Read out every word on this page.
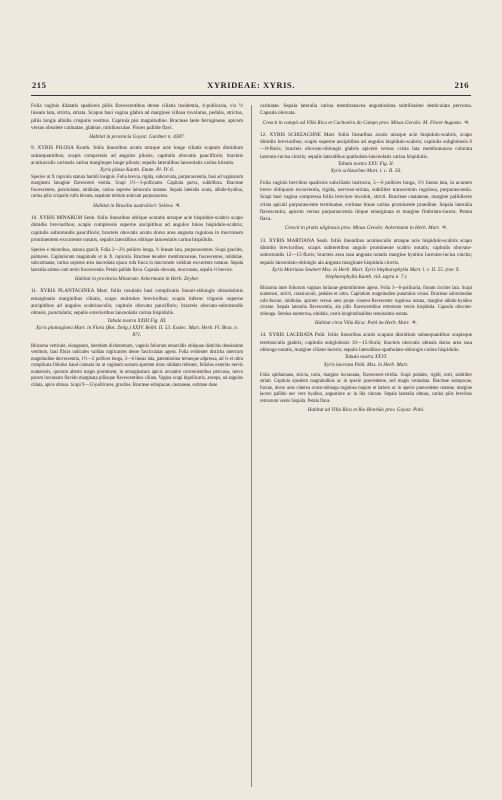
215	XYRIDEAE: XYRIS.	216

Folia vaginis dilatatis spadiceis piliis flavescentibus dense ciliatis insidentia, 4-pollicaria, vix ½ lineam lata, stricta, striata. Scapus basi vagina glabra ad margines villosa involutus, pedalis, strictus, piliis longis albidis crispulis vestitus. Capitula pisi magnitudine. Bracteae laete ferrugineae, apicem versus obsolete carinatae, glabrae, nitidiusculae. Flores pallide flavi.

Habitat in provincia Goyaz: Gardner n. 4387.

9. XYRIS PILOSA Kunth. foliis linearibus acutis utraque acie longe ciliatis scapum dimidium subaequantibus; scapis compressis ad angulos pilosis; capitulis obovatis paucifloris; bracteis acutiusculis carinatis carina marginque longe pilosis; sepalis lateralibus lanceolatis carina hirsutis.

Xyris pilosa Kunth. Enum. Pl. IV. 6.

Species ut X rupicola statura humili insignis. Folia brevia, rigida, subcurvata, purpurascentia, basi ad vaginarum marginem lanugine flavescenti vestita. Scapi 1½—3-pollicares. Capitula parva, subbiflora. Bracteae fuscescentes, punctulatae, nitidulae, carina superne latiuscula notatae. Sepala lateralia acuta, albido-hyalina, carina pilis crispulis rufis hirsuta, sepalum tertium anticum purpurascens.

Habitat in Brasilia australiori: Sellow. ♃.

10. XYRIS MINARUM Seub. foliis linearibus oblique acutatis utraque acie hispidulo-scabris scapo dimidio brevioribus; scapis compressis superne ancipitibus ad angulos binos hispidulo-scabris; capitulis subrotundis paucifloris; bracteis obovatis acutis dorso area angusta rugulosa in mucronem prominentem excurrente notatis, sepalis lateralibus oblique lanceolatis carina hispidulis.

Species e minoribus, statura gracili. Folia 2—2¼ pollices longa, ½ lineam lata, purpurascentes. Scapi graciles, palmares. Capitulorum magnitudo ut in X. rupicola. Bracteae tenuiter membranaceae, fuscescentes, nitidulae, subcarinatae, carina superne area lanceolata opaca rufa fusca in mucronem validum excurrente notatae. Sepala lateralia subtus cum tertio fuscescentia. Petala pallide flava. Capsula obovata, mucronata, sepalis ⅓ brevior.

Habitat in provincia Minarum: Ackermann in Herb. Zeyher.

11. XYRIS PLANTAGINEA Mart. foliis rosulatis basi complicatis lineari-oblongis obtusissimis emarginatis marginibus ciliatis, scapo multoties brevioribus; scapis infernc trigonis superne ancipitibus ad angulos scabriusculis; capitulo obovato paucifloro; bracteis obovato-subrotundis obtusis, punctulatis; sepalis exterioribus lanceolatis carina hispidulis.

Tabula nostra XXIII Fig. III.

Xyris plantaginea Mart. in Flora (Bot. Zeitg.) XXIV. Beibl. II. 53. Esslec. Mart. Herb. Fl. Bras. n. 871.

Rhizoma verticale, elongatum, interdum dichotomum, vaginis foliorum emarcidis obliquae distichis densissime vestitum, basi fibras radicales validas nigricantes dense fasciculatas agens. Folia evidenter disticha intercum magnitudine decrescentia, 1½—2 pollices longa, 3—6 lineas lata, patentissima terraeque adpressa, ad ¼ et ultra complicata foliolus haud connata ita ut vaginam sursum apertam intus nitidam referant, foliolus externis nervis numerosis, quorum alterni magis prominent, in emarginatura apicis arcuatim convenientibus percursa, nervo parum incrassato flavido marginata piliisque flavescentibus ciliata. Vagina scapi bipollicaris, anceps, ad angulos ciliata, apice obtusa. Scapi 9—12-pollicares, graciles. Bracteae subopacae, castaneae, extimae duae

carinatae. Sepala lateralia carina membranacea angustissima subtilissime denticulata percursa. Capsula obovata.

Crescit in campis ad Villa Rica et Cachoeira do Campo prov. Minas Geraës: M. Floret Augusto. ♃.

12. XYRIS SCHIZACHNE Mart. foliis linearibus acutis utraque acie hispidulo-scabris, scapo dimidio brevioribus; scapis superne ancipitibus ad angulos hispidulo-scabris; capitulis subglobosis 6—8-floris; bracteis obovato-oblongis glabris apicem versus crista lata membranacea colorata lacerato-incisa cinctis; sepalis lateralibus spathulato-lanceolatis carina hispidulis.

Tabula nostra XXV. Fig. II.

Xyris schizachne Mart. l. c. II. 56.

Folia vaginis brevibus spadiceis subciliatis instructa, 5—6 pollices longa, 1½ lineas lata, in acumen breve obliquum excurrentia, rigida, nervoso-striata, subtiliter transversim rugulosa, purpurascentia. Scapi basi vagina compressa foliis breviore involuti, stricti. Bracteae castaneae, margine pallidiores crista apicali purpurascente terminatae, extimae binae carina prominente praeditae. Sepala lateralia flavescentia, apicem versus purpurascentia ibique emarginata et margine fimbriato-lacera. Petala flava.

Crescit in pratis uliginosis prov. Minas Geraës: Ackermann in Herb. Mart. ♃.

13. XYRIS MARTIANA Seub. foliis linearibus acutiusculis utraque acie hispidulo-scabris scapo dimidio brevioribus; scapis subteretibus angulo prominente scabro notatis; capitulis obovato-subrotundis 12—15-floris; bracteis area rasa angusta notatis margine hyalino lacerato-incisa cinctis; sepalis lanceolato-oblongis ala angusta marginate hispidula cinctis.

Xyris Martiana Seubert Mss. in Herb. Mart. Xyris blepharophylla Mart. l. c. II. 55. (nec X. blepharophylla Kunth. vid. supra n. 7.)

Rhizoma inter foliorum vaginas lurianae gemmiformes agens. Folia 3—6-pollicaria, fissum circiter lata. Scapi numerosi, stricti, crassiusculi, pedales et ultra. Capitulum magnitudine putaminis cerasi. Bracteae subrotundae rufo-fuscae, nitidulae, apicem versus area prope cinereo-flavescente rugulosa notata, margine albido-hyalino cinctae. Sepala lateralia flavescentia, ala pilis flavescentibus retrorsum versis hispidula. Capsula obovato-oblonga. Semina numerosa, nitidula, costis longitudinalibus tenuissimis notata.

Habitat circa Villa Rica: Pohl im Herb. Mart. ♃.

14. XYRIS LACERATA Pohl. foliis linearibus acutis scapum dimidium subaequantibus scapisque teretiusculis glabris; capitulis subglobosis 10—15-floris; bracteis obovatis obtusis dorso area rasa oblonga notatis, margine ciliato-laceris; sepalis lateralibus spathulato-oblongis carina hispidulis.

Tabula nostra XXVI.

Xyris lacerata Pohl. Mss. in Herb. Mart.

Folia spithamaea, stricta, torta, margine incrassata, flavescenti-viridia. Scapi pedales, rigidi, torti, subtiliter striati. Capitula ejusdem magnitudinis ac in specie praecedente, sed magis rotundata. Bracteae subopacae, fuscae, dorso area cinerea ovato-oblonga rugulosa majore et latiore ac in specie praecedente notatae, margine lacero pallido nec vere hyalino, angustiore ac in illa cinctae. Sepala lateralia obtusa, carina pilis brevibus retrorsum versis hispida. Petala flava.

Habitat ad Villa Rica et Rio Rinchão prov. Goyaz: Pohl.
